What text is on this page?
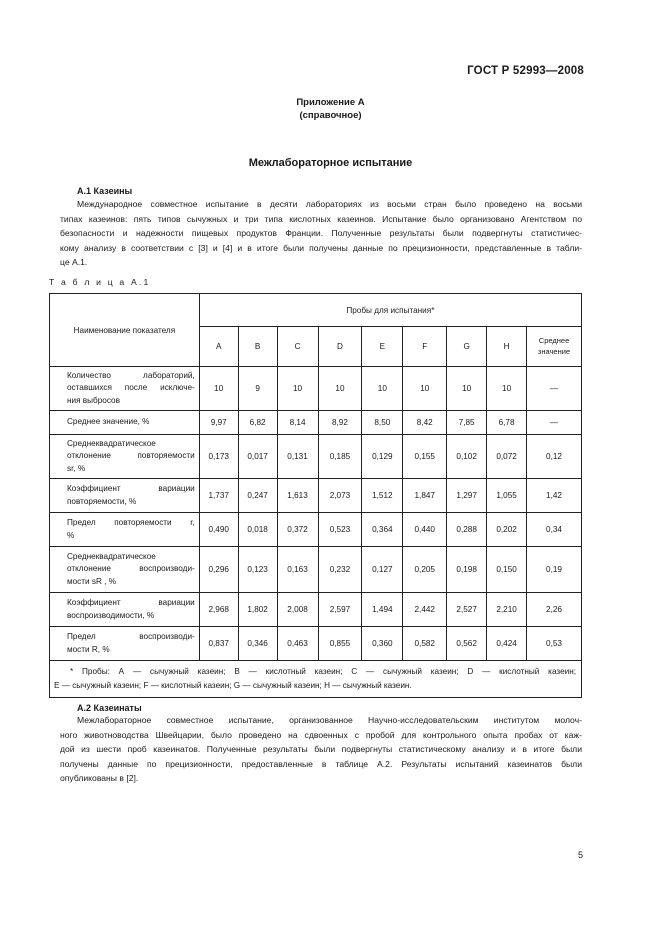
ГОСТ Р 52993—2008
Приложение А
(справочное)
Межлабораторное испытание
А.1 Казеины
Международное совместное испытание в десяти лабораториях из восьми стран было проведено на восьми
типах казеинов: пять типов сычужных и три типа кислотных казеинов. Испытание было организовано Агентством по
безопасности и надежности пищевых продуктов Франции. Полученные результаты были подвергнуты статистичес-
кому анализу в соответствии с [3] и [4] и в итоге были получены данные по прецизионности, представленные в табли-
це А.1.
Т а б л и ц а А.1
Наименование показателя	Пробы для испытания*								
	A	B	C	D	E	F	G	H	Среднее
значение

Количество лабораторий,
оставшихся после исключе-
ния выбросов	10	9	10	10	10	10	10	10	—

Среднее значение, %	9,97	6,82	8,14	8,92	8,50	8,42	7,85	6,78	—

Среднеквадратическое
отклонение повторяемости
sr, %	0,173	0,017	0,131	0,185	0,129	0,155	0,102	0,072	0,12

Коэффициент вариации
повторяемости, %	1,737	0,247	1,613	2,073	1,512	1,847	1,297	1,055	1,42

Предел повторяемости r,
%	0,490	0,018	0,372	0,523	0,364	0,440	0,288	0,202	0,34

Среднеквадратическое
отклонение воспроизводи-
мости sR , %	0,296	0,123	0,163	0,232	0,127	0,205	0,198	0,150	0,19

Коэффициент вариации
воспроизводимости, %	2,968	1,802	2,008	2,597	1,494	2,442	2,527	2,210	2,26

Предел воспроизводи-
мости R, %	0,837	0,346	0,463	0,855	0,360	0,582	0,562	0,424	0,53

* Пробы: А — сычужный казеин; В — кислотный казеин; С — сычужный казеин; D — кислотный казеин;
Е — сычужный казеин; F — кислотный казеин; G — сычужный казеин; Н — сычужный казеин.									
А.2 Казеинаты
Межлабораторное совместное испытание, организованное Научно-исследовательским институтом молоч-
ного животноводства Швейцарии, было проведено на сдвоенных с пробой для контрольного опыта пробах от каж-
дой из шести проб казеинатов. Полученные результаты были подвергнуты статистическому анализу и в итоге были
получены данные по прецизионности, предоставленные в таблице А.2. Результаты испытаний казеинатов были
опубликованы в [2].
5
